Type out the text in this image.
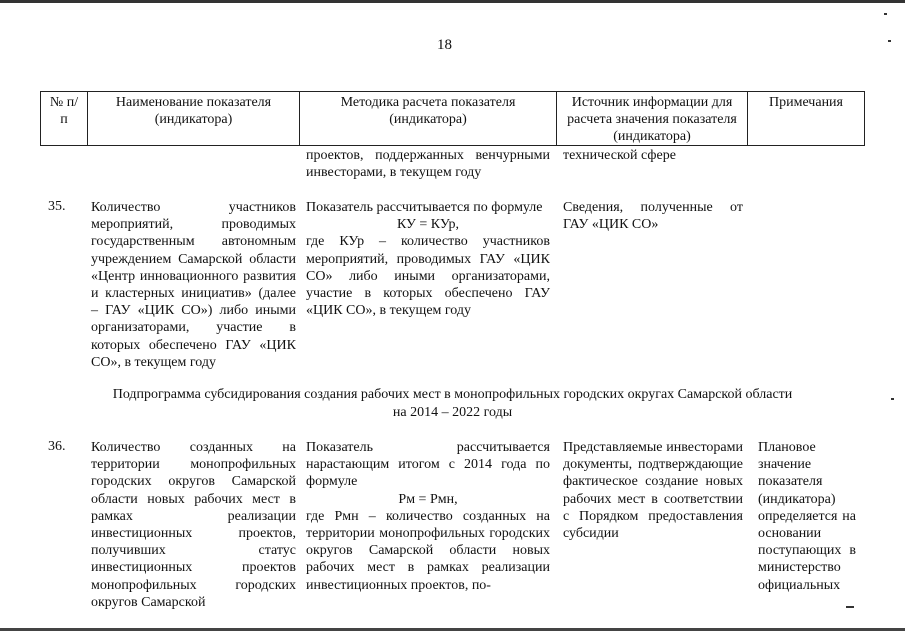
18
№ п/п
Наименование показателя (индикатора)
Методика расчета показателя (индикатора)
Источник информации для расчета значения показателя (индикатора)
Примечания
проектов, поддержанных венчурными инвесторами, в текущем году
технической сфере
35. Количество участников мероприятий, проводимых государственным автономным учреждением Самарской области «Центр инновационного развития и кластерных инициатив» (далее – ГАУ «ЦИК СО») либо иными организаторами, участие в которых обеспечено ГАУ «ЦИК СО», в текущем году
Показатель рассчитывается по формуле
КУ = КУр,
где КУр – количество участников мероприятий, проводимых ГАУ «ЦИК СО» либо иными организаторами, участие в которых обеспечено ГАУ «ЦИК СО», в текущем году
Сведения, полученные от ГАУ «ЦИК СО»
Подпрограмма субсидирования создания рабочих мест в монопрофильных городских округах Самарской области
на 2014 – 2022 годы
36. Количество созданных на территории монопрофильных городских округов Самарской области новых рабочих мест в рамках реализации инвестиционных проектов, получивших статус инвестиционных проектов монопрофильных городских округов Самарской
Показатель рассчитывается нарастающим итогом с 2014 года по формуле
Рм = Рмн,
где Рмн – количество созданных на территории монопрофильных городских округов Самарской области новых рабочих мест в рамках реализации инвестиционных проектов, по-
Представляемые инвесторами документы, подтверждающие фактическое создание новых рабочих мест в соответствии с Порядком предоставления субсидии
Плановое значение показателя (индикатора) определяется на основании поступающих в министерство официальных
